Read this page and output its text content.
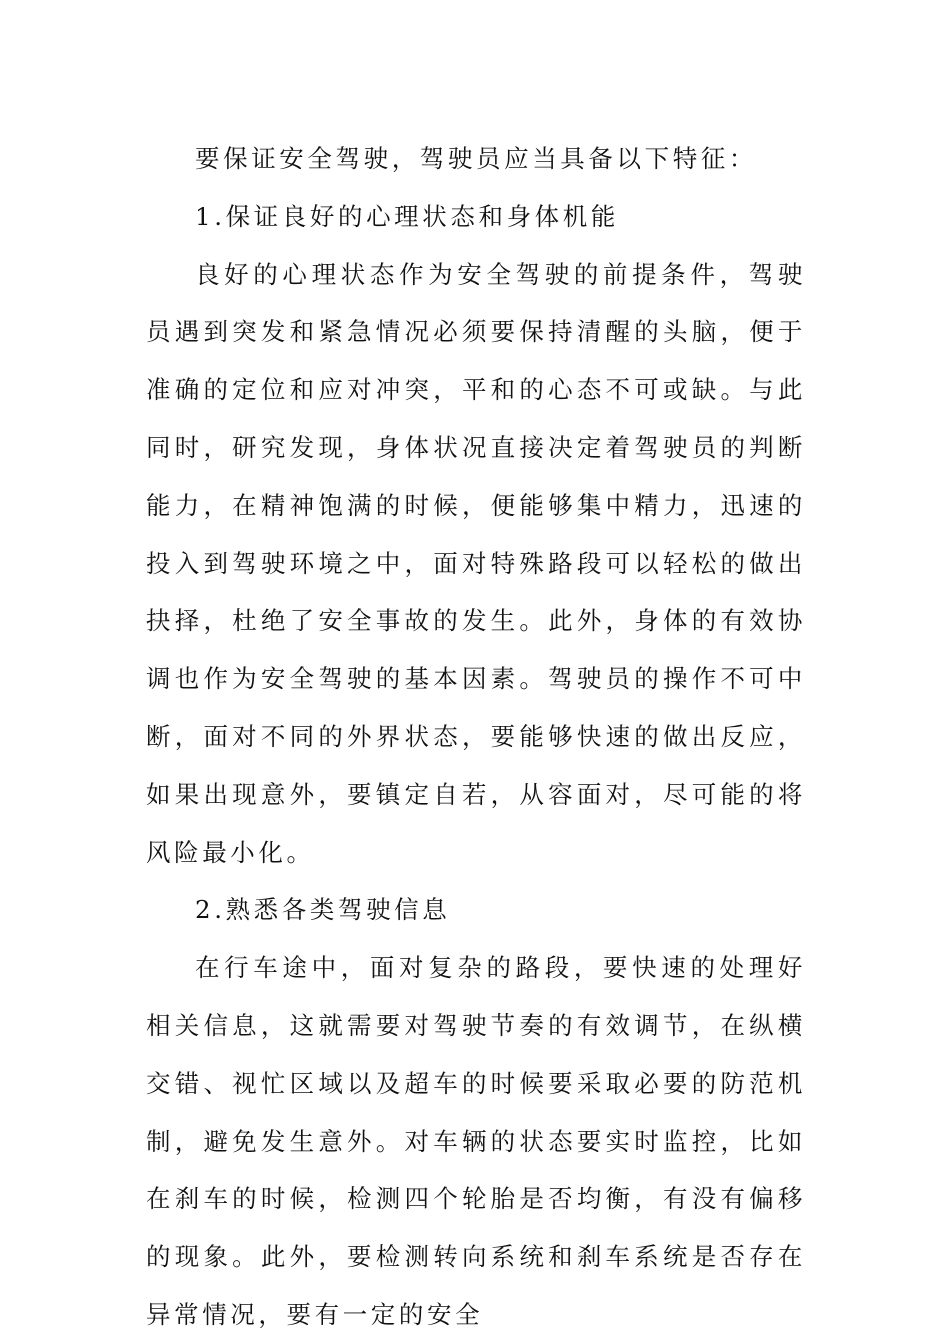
要保证安全驾驶，驾驶员应当具备以下特征：

1.保证良好的心理状态和身体机能

良好的心理状态作为安全驾驶的前提条件，驾驶员遇到突发和紧急情况必须要保持清醒的头脑，便于准确的定位和应对冲突，平和的心态不可或缺。与此同时，研究发现，身体状况直接决定着驾驶员的判断能力，在精神饱满的时候，便能够集中精力，迅速的投入到驾驶环境之中，面对特殊路段可以轻松的做出抉择，杜绝了安全事故的发生。此外，身体的有效协调也作为安全驾驶的基本因素。驾驶员的操作不可中断，面对不同的外界状态，要能够快速的做出反应，如果出现意外，要镇定自若，从容面对，尽可能的将风险最小化。

2.熟悉各类驾驶信息

在行车途中，面对复杂的路段，要快速的处理好相关信息，这就需要对驾驶节奏的有效调节，在纵横交错、视忙区域以及超车的时候要采取必要的防范机制，避免发生意外。对车辆的状态要实时监控，比如在刹车的时候，检测四个轮胎是否均衡，有没有偏移的现象。此外，要检测转向系统和刹车系统是否存在异常情况，要有一定的安全
